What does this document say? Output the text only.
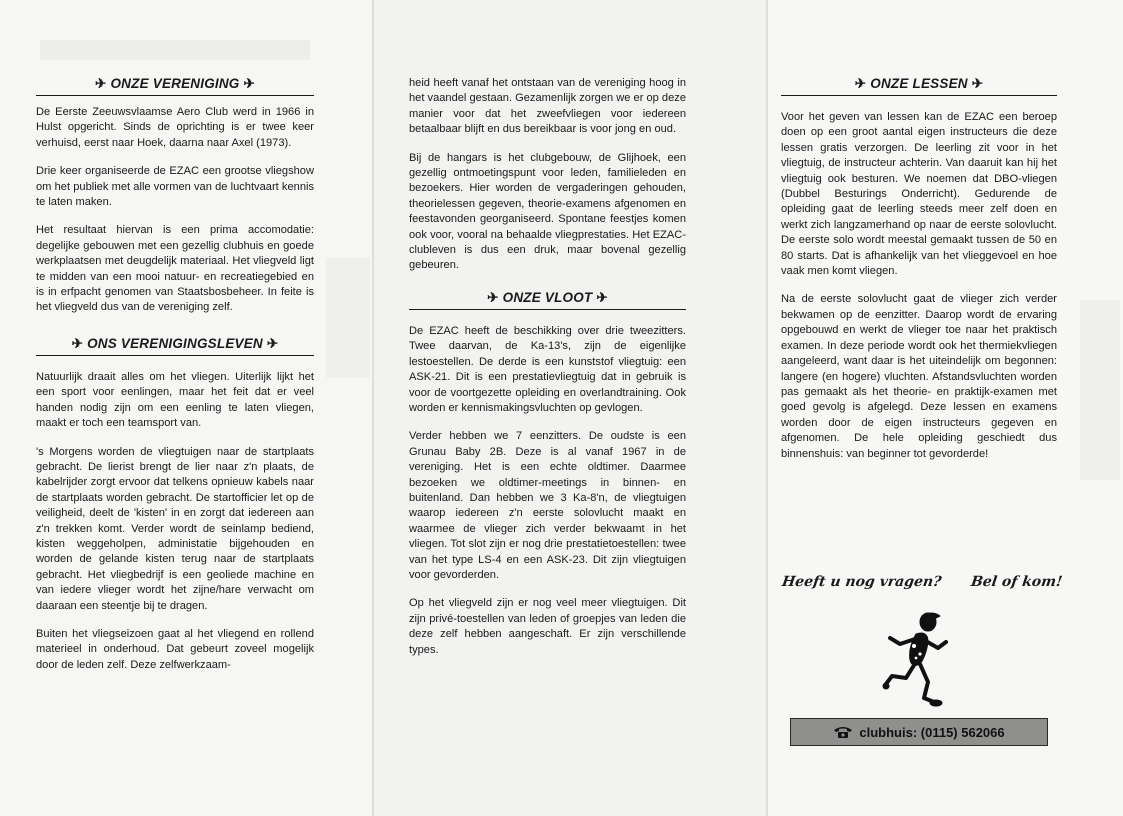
✈ ONZE VERENIGING ✈

De Eerste Zeeuwsvlaamse Aero Club werd in 1966 in Hulst opgericht. Sinds de oprichting is er twee keer verhuisd, eerst naar Hoek, daarna naar Axel (1973).

Drie keer organiseerde de EZAC een grootse vliegshow om het publiek met alle vormen van de luchtvaart kennis te laten maken.

Het resultaat hiervan is een prima accomodatie: degelijke gebouwen met een gezellig clubhuis en goede werkplaatsen met deugdelijk materiaal. Het vliegveld ligt te midden van een mooi natuur- en recreatiegebied en is in erfpacht genomen van Staatsbosbeheer. In feite is het vliegveld dus van de vereniging zelf.

✈ ONS VERENIGINGSLEVEN ✈

Natuurlijk draait alles om het vliegen. Uiterlijk lijkt het een sport voor eenlingen, maar het feit dat er veel handen nodig zijn om een eenling te laten vliegen, maakt er toch een teamsport van.

's Morgens worden de vliegtuigen naar de startplaats gebracht. De lierist brengt de lier naar z'n plaats, de kabelrijder zorgt ervoor dat telkens opnieuw kabels naar de startplaats worden gebracht. De startofficier let op de veiligheid, deelt de 'kisten' in en zorgt dat iedereen aan z'n trekken komt. Verder wordt de seinlamp bediend, kisten weggeholpen, administatie bijgehouden en worden de gelande kisten terug naar de startplaats gebracht. Het vliegbedrijf is een geoliede machine en van iedere vlieger wordt het zijne/hare verwacht om daaraan een steentje bij te dragen.

Buiten het vliegseizoen gaat al het vliegend en rollend materieel in onderhoud. Dat gebeurt zoveel mogelijk door de leden zelf. Deze zelfwerkzaam-

heid heeft vanaf het ontstaan van de vereniging hoog in het vaandel gestaan. Gezamenlijk zorgen we er op deze manier voor dat het zweefvliegen voor iedereen betaalbaar blijft en dus bereikbaar is voor jong en oud.

Bij de hangars is het clubgebouw, de Glijhoek, een gezellig ontmoetingspunt voor leden, familieleden en bezoekers. Hier worden de vergaderingen gehouden, theorielessen gegeven, theorie-examens afgenomen en feestavonden georganiseerd. Spontane feestjes komen ook voor, vooral na behaalde vliegprestaties. Het EZAC-clubleven is dus een druk, maar bovenal gezellig gebeuren.

✈ ONZE VLOOT ✈

De EZAC heeft de beschikking over drie tweezitters. Twee daarvan, de Ka-13's, zijn de eigenlijke lestoestellen. De derde is een kunststof vliegtuig: een ASK-21. Dit is een prestatievliegtuig dat in gebruik is voor de voortgezette opleiding en overlandtraining. Ook worden er kennismakingsvluchten op gevlogen.

Verder hebben we 7 eenzitters. De oudste is een Grunau Baby 2B. Deze is al vanaf 1967 in de vereniging. Het is een echte oldtimer. Daarmee bezoeken we oldtimer-meetings in binnen- en buitenland. Dan hebben we 3 Ka-8'n, de vliegtuigen waarop iedereen z'n eerste solovlucht maakt en waarmee de vlieger zich verder bekwaamt in het vliegen. Tot slot zijn er nog drie prestatietoestellen: twee van het type LS-4 en een ASK-23. Dit zijn vliegtuigen voor gevorderden.

Op het vliegveld zijn er nog veel meer vliegtuigen. Dit zijn privé-toestellen van leden of groepjes van leden die deze zelf hebben aangeschaft. Er zijn verschillende types.

✈ ONZE LESSEN ✈

Voor het geven van lessen kan de EZAC een beroep doen op een groot aantal eigen instructeurs die deze lessen gratis verzorgen. De leerling zit voor in het vliegtuig, de instructeur achterin. Van daaruit kan hij het vliegtuig ook besturen. We noemen dat DBO-vliegen (Dubbel Besturings Onderricht). Gedurende de opleiding gaat de leerling steeds meer zelf doen en werkt zich langzamerhand op naar de eerste solovlucht. De eerste solo wordt meestal gemaakt tussen de 50 en 80 starts. Dat is afhankelijk van het vlieggevoel en hoe vaak men komt vliegen.

Na de eerste solovlucht gaat de vlieger zich verder bekwamen op de eenzitter. Daarop wordt de ervaring opgebouwd en werkt de vlieger toe naar het praktisch examen. In deze periode wordt ook het thermiekvliegen aangeleerd, want daar is het uiteindelijk om begonnen: langere (en hogere) vluchten. Afstandsvluchten worden pas gemaakt als het theorie- en praktijk-examen met goed gevolg is afgelegd. Deze lessen en examens worden door de eigen instructeurs gegeven en afgenomen. De hele opleiding geschiedt dus binnenshuis: van beginner tot gevorderde!

Heeft u nog vragen? Bel of kom!
clubhuis: (0115) 562066
